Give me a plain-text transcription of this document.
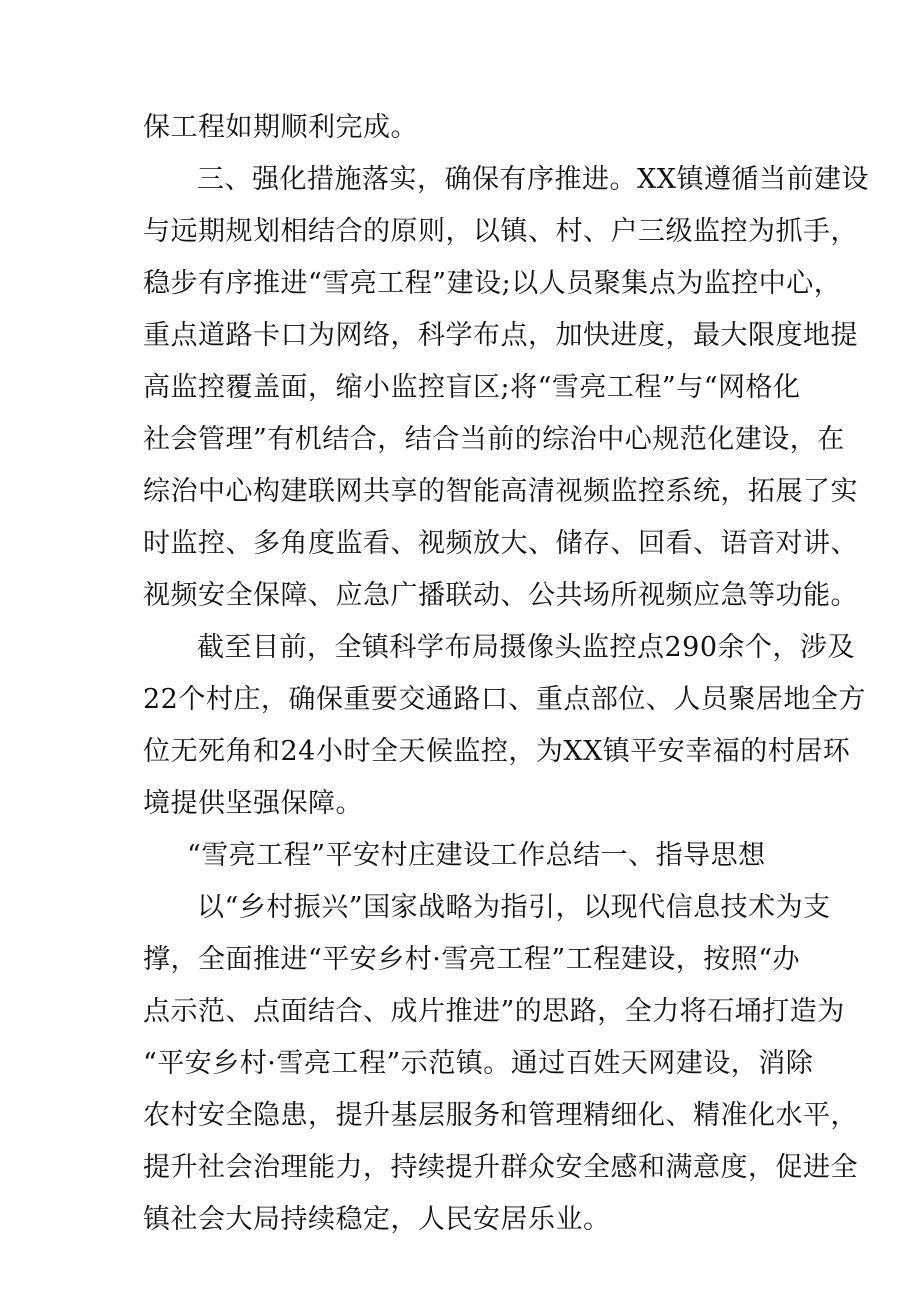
保工程如期顺利完成。
三、强化措施落实，确保有序推进。XX镇遵循当前建设
与远期规划相结合的原则，以镇、村、户三级监控为抓手，
稳步有序推进“雪亮工程”建设;以人员聚集点为监控中心，
重点道路卡口为网络，科学布点，加快进度，最大限度地提
高监控覆盖面，缩小监控盲区;将“雪亮工程”与“网格化
社会管理”有机结合，结合当前的综治中心规范化建设，在
综治中心构建联网共享的智能高清视频监控系统，拓展了实
时监控、多角度监看、视频放大、储存、回看、语音对讲、
视频安全保障、应急广播联动、公共场所视频应急等功能。
截至目前，全镇科学布局摄像头监控点290余个，涉及
22个村庄，确保重要交通路口、重点部位、人员聚居地全方
位无死角和24小时全天候监控，为XX镇平安幸福的村居环
境提供坚强保障。
“雪亮工程”平安村庄建设工作总结一、指导思想
以“乡村振兴”国家战略为指引，以现代信息技术为支
撑，全面推进“平安乡村·雪亮工程”工程建设，按照“办
点示范、点面结合、成片推进”的思路，全力将石埇打造为
“平安乡村·雪亮工程”示范镇。通过百姓天网建设，消除
农村安全隐患，提升基层服务和管理精细化、精准化水平，
提升社会治理能力，持续提升群众安全感和满意度，促进全
镇社会大局持续稳定，人民安居乐业。
